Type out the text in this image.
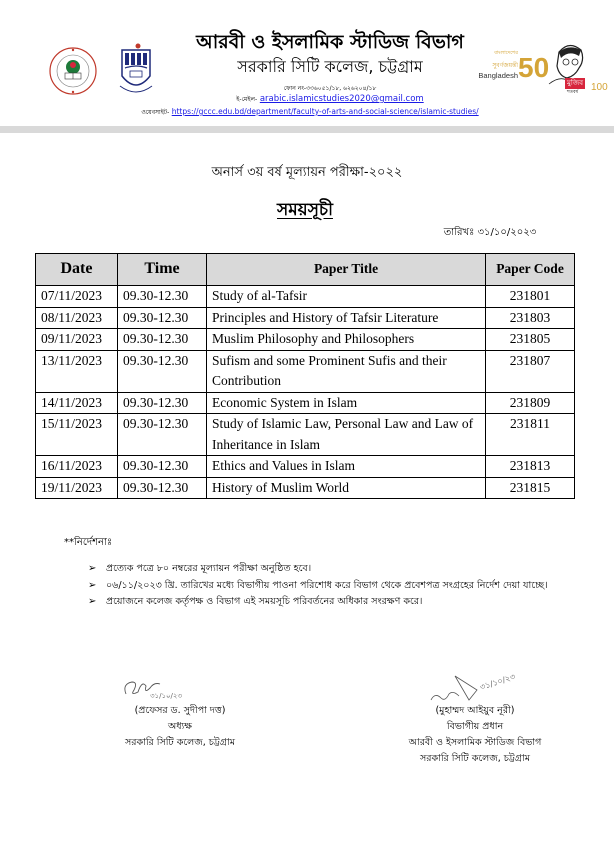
আরবী ও ইসলামিক স্টাডিজ বিভাগ
সরকারি সিটি কলেজ, চট্টগ্রাম
ফোন নং-৩৩৬০৫১/১৮, ৬২৬২০৪/১৮
ই-মেইল- arabic.islamicstudies2020@gmail.com
ওয়েবসাইট- https://gccc.edu.bd/department/faculty-of-arts-and-social-science/islamic-studies/
বাংলাদেশের
সুবর্ণজয়ন্তী
Bangladesh 50	মুজিব
শতবর্ষ 100
অনার্স ৩য় বর্ষ মূল্যায়ন পরীক্ষা-২০২২
সময়সূচী
তারিখঃ ৩১/১০/২০২৩
Date	Time	Paper Title	Paper Code
07/11/2023	09.30-12.30	Study of al-Tafsir	231801
08/11/2023	09.30-12.30	Principles and History of Tafsir Literature	231803
09/11/2023	09.30-12.30	Muslim Philosophy and Philosophers	231805
13/11/2023	09.30-12.30	Sufism and some Prominent Sufis and their Contribution	231807
14/11/2023	09.30-12.30	Economic System in Islam	231809
15/11/2023	09.30-12.30	Study of Islamic Law, Personal Law and Law of Inheritance in Islam	231811
16/11/2023	09.30-12.30	Ethics and Values in Islam	231813
19/11/2023	09.30-12.30	History of Muslim World	231815
**নির্দেশনাঃ
➢ প্রত্যেক পত্রে ৮০ নম্বরের মূল্যায়ন পরীক্ষা অনুষ্ঠিত হবে।
➢ ০৬/১১/২০২৩ খ্রি. তারিখের মধ্যে বিভাগীয় পাওনা পরিশোধ করে বিভাগ থেকে প্রবেশপত্র সংগ্রহের নির্দেশ দেয়া যাচ্ছে।
➢ প্রয়োজনে কলেজ কর্তৃপক্ষ ও বিভাগ এই সময়সূচি পরিবর্তনের অধিকার সংরক্ষণ করে।
৩১/১০/২৩
(প্রফেসর ড. সুদীপা দত্ত)
অধ্যক্ষ
সরকারি সিটি কলেজ, চট্টগ্রাম
৩১/১০/২৩
(মুহাম্মদ আইয়ুব নূরী)
বিভাগীয় প্রধান
আরবী ও ইসলামিক স্টাডিজ বিভাগ
সরকারি সিটি কলেজ, চট্টগ্রাম
